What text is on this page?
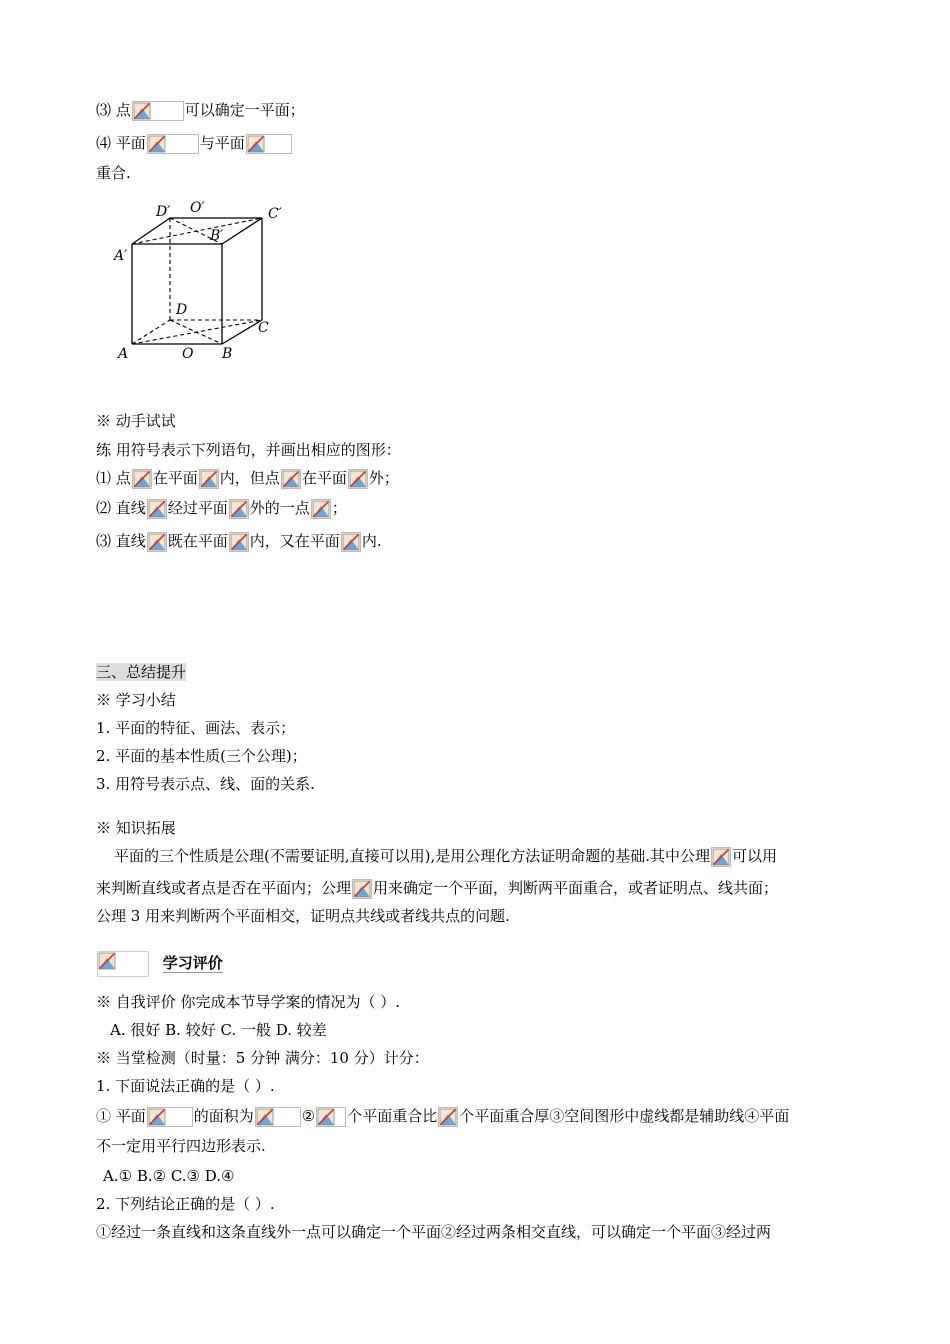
⑶ 点	可以确定一平面；
⑷ 平面	与平面
重合.
D′ O′	C′
B′
A′
D
C
A	O B
※ 动手试试
练 用符号表示下列语句，并画出相应的图形：
⑴ 点 在平面 内，但点 在平面 外；
⑵ 直线 经过平面 外的一点 ；
⑶ 直线 既在平面 内，又在平面 内.
三、总结提升
※ 学习小结
1. 平面的特征、画法、表示；
2. 平面的基本性质(三个公理)；
3. 用符号表示点、线、面的关系.
※ 知识拓展
平面的三个性质是公理(不需要证明,直接可以用),是用公理化方法证明命题的基础.其中公理 可以用
来判断直线或者点是否在平面内；公理 用来确定一个平面，判断两平面重合，或者证明点、线共面；
公理 3 用来判断两个平面相交，证明点共线或者线共点的问题.
学习评价
※ 自我评价 你完成本节导学案的情况为（ ）.
A. 很好 B. 较好 C. 一般 D. 较差
※ 当堂检测（时量：5 分钟 满分：10 分）计分：
1. 下面说法正确的是（ ）.
① 平面	的面积为	② 个平面重合比 个平面重合厚③空间图形中虚线都是辅助线④平面
不一定用平行四边形表示.
A.① B.② C.③ D.④
2. 下列结论正确的是（ ）.
①经过一条直线和这条直线外一点可以确定一个平面②经过两条相交直线，可以确定一个平面③经过两
